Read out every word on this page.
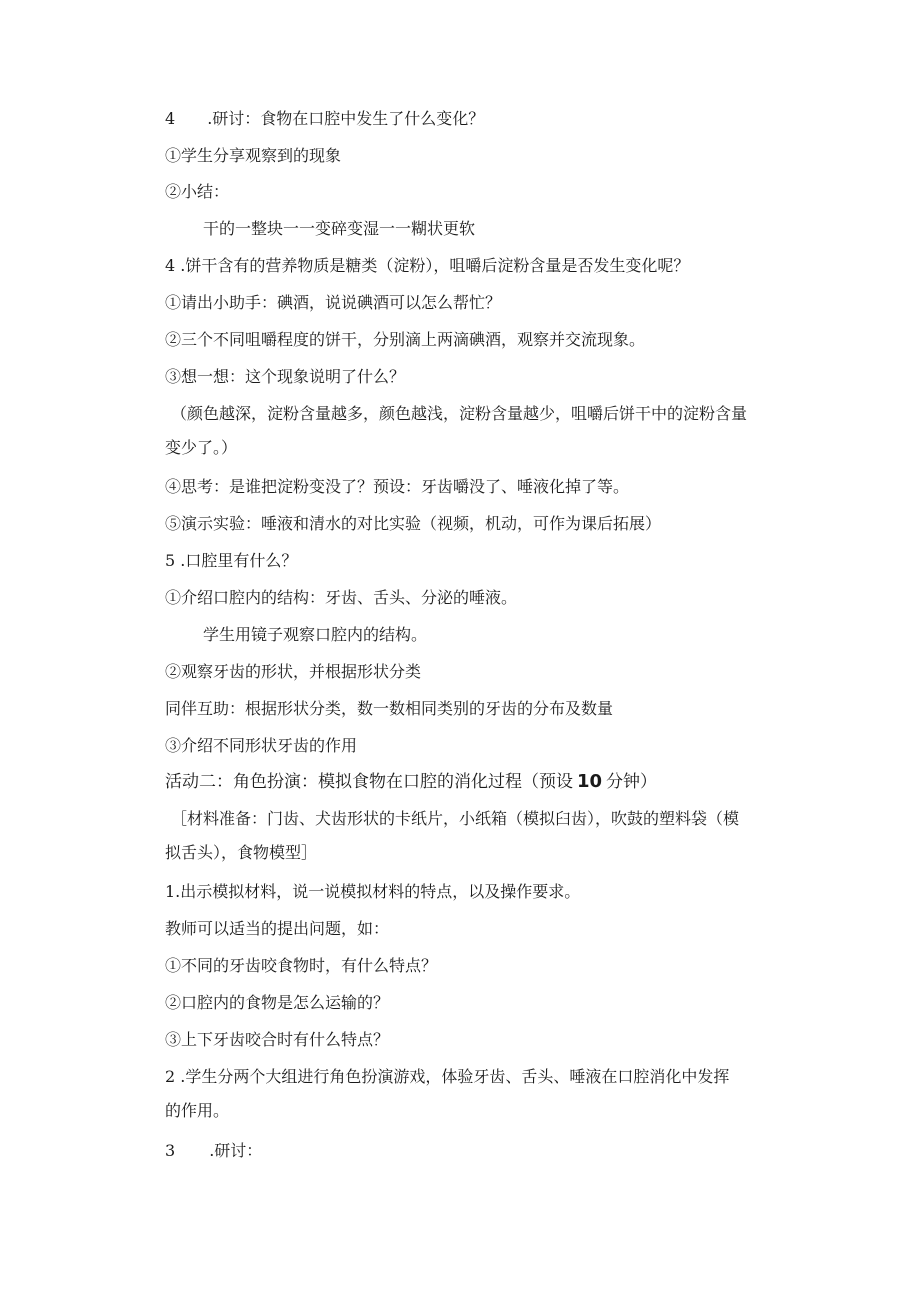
4 .研讨：食物在口腔中发生了什么变化？
①学生分享观察到的现象
②小结：
干的一整块一一变碎变湿一一糊状更软
4 .饼干含有的营养物质是糖类（淀粉），咀嚼后淀粉含量是否发生变化呢？
①请出小助手：碘酒，说说碘酒可以怎么帮忙？
②三个不同咀嚼程度的饼干，分别滴上两滴碘酒，观察并交流现象。
③想一想：这个现象说明了什么？
（颜色越深，淀粉含量越多，颜色越浅，淀粉含量越少，咀嚼后饼干中的淀粉含量
变少了。）
④思考：是谁把淀粉变没了？预设：牙齿嚼没了、唾液化掉了等。
⑤演示实验：唾液和清水的对比实验（视频，机动，可作为课后拓展）
5 .口腔里有什么？
①介绍口腔内的结构：牙齿、舌头、分泌的唾液。
学生用镜子观察口腔内的结构。
②观察牙齿的形状，并根据形状分类
同伴互助：根据形状分类，数一数相同类别的牙齿的分布及数量
③介绍不同形状牙齿的作用
活动二：角色扮演：模拟食物在口腔的消化过程（预设 10 分钟）
［材料准备：门齿、犬齿形状的卡纸片，小纸箱（模拟臼齿），吹鼓的塑料袋（模
拟舌头），食物模型］
1.出示模拟材料，说一说模拟材料的特点，以及操作要求。
教师可以适当的提出问题，如：
①不同的牙齿咬食物时，有什么特点？
②口腔内的食物是怎么运输的？
③上下牙齿咬合时有什么特点？
2 .学生分两个大组进行角色扮演游戏，体验牙齿、舌头、唾液在口腔消化中发挥
的作用。
3 .研讨：
